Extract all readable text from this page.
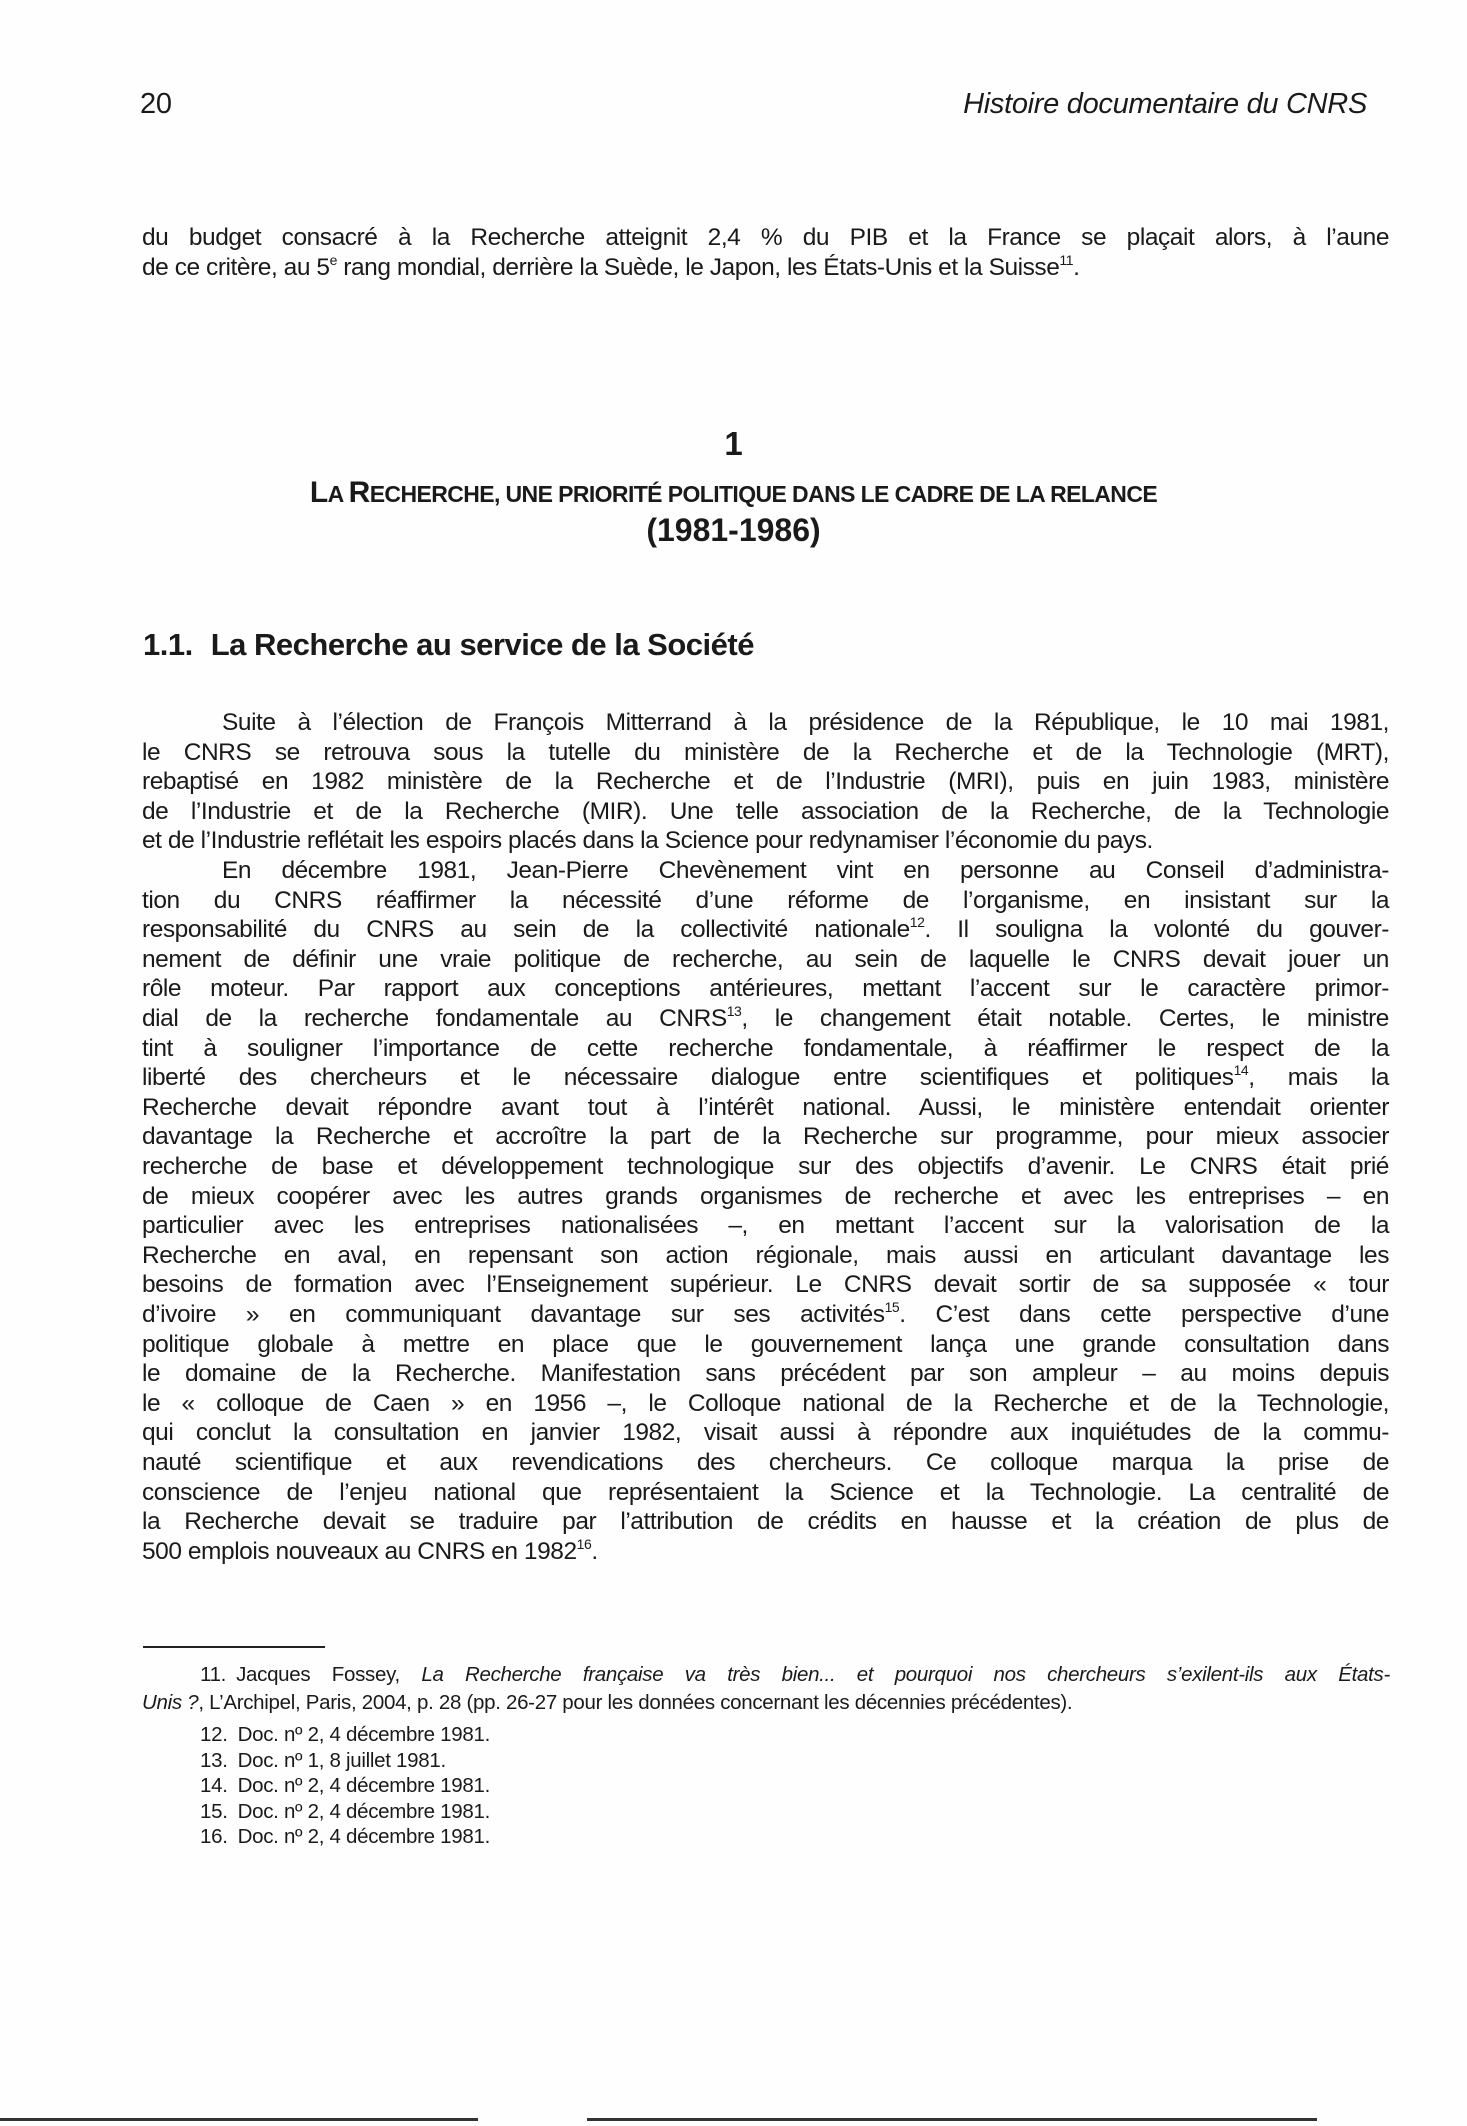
20	Histoire documentaire du CNRS
du budget consacré à la Recherche atteignit 2,4 % du PIB et la France se plaçait alors, à l’aune
de ce critère, au 5e rang mondial, derrière la Suède, le Japon, les États-Unis et la Suisse$^{11}$.
1
LA RECHERCHE, UNE PRIORITÉ POLITIQUE DANS LE CADRE DE LA RELANCE
(1981-1986)
1.1. La Recherche au service de la Société
Suite à l’élection de François Mitterrand à la présidence de la République, le 10 mai 1981,
le CNRS se retrouva sous la tutelle du ministère de la Recherche et de la Technologie (MRT),
rebaptisé en 1982 ministère de la Recherche et de l’Industrie (MRI), puis en juin 1983, ministère
de l’Industrie et de la Recherche (MIR). Une telle association de la Recherche, de la Technologie
et de l’Industrie reflétait les espoirs placés dans la Science pour redynamiser l’économie du pays.
En décembre 1981, Jean-Pierre Chevènement vint en personne au Conseil d’administra-
tion du CNRS réaffirmer la nécessité d’une réforme de l’organisme, en insistant sur la
responsabilité du CNRS au sein de la collectivité nationale$^{12}$. Il souligna la volonté du gouver-
nement de définir une vraie politique de recherche, au sein de laquelle le CNRS devait jouer un
rôle moteur. Par rapport aux conceptions antérieures, mettant l’accent sur le caractère primor-
dial de la recherche fondamentale au CNRS$^{13}$, le changement était notable. Certes, le ministre
tint à souligner l’importance de cette recherche fondamentale, à réaffirmer le respect de la
liberté des chercheurs et le nécessaire dialogue entre scientifiques et politiques$^{14}$, mais la
Recherche devait répondre avant tout à l’intérêt national. Aussi, le ministère entendait orienter
davantage la Recherche et accroître la part de la Recherche sur programme, pour mieux associer
recherche de base et développement technologique sur des objectifs d’avenir. Le CNRS était prié
de mieux coopérer avec les autres grands organismes de recherche et avec les entreprises – en
particulier avec les entreprises nationalisées –, en mettant l’accent sur la valorisation de la
Recherche en aval, en repensant son action régionale, mais aussi en articulant davantage les
besoins de formation avec l’Enseignement supérieur. Le CNRS devait sortir de sa supposée « tour
d’ivoire » en communiquant davantage sur ses activités$^{15}$. C’est dans cette perspective d’une
politique globale à mettre en place que le gouvernement lança une grande consultation dans
le domaine de la Recherche. Manifestation sans précédent par son ampleur – au moins depuis
le « colloque de Caen » en 1956 –, le Colloque national de la Recherche et de la Technologie,
qui conclut la consultation en janvier 1982, visait aussi à répondre aux inquiétudes de la commu-
nauté scientifique et aux revendications des chercheurs. Ce colloque marqua la prise de
conscience de l’enjeu national que représentaient la Science et la Technologie. La centralité de
la Recherche devait se traduire par l’attribution de crédits en hausse et la création de plus de
500 emplois nouveaux au CNRS en 1982$^{16}$.
11. Jacques Fossey, La Recherche française va très bien... et pourquoi nos chercheurs s’exilent-ils aux États-
Unis ?, L’Archipel, Paris, 2004, p. 28 (pp. 26-27 pour les données concernant les décennies précédentes).
12. Doc. nº 2, 4 décembre 1981.
13. Doc. nº 1, 8 juillet 1981.
14. Doc. nº 2, 4 décembre 1981.
15. Doc. nº 2, 4 décembre 1981.
16. Doc. nº 2, 4 décembre 1981.
